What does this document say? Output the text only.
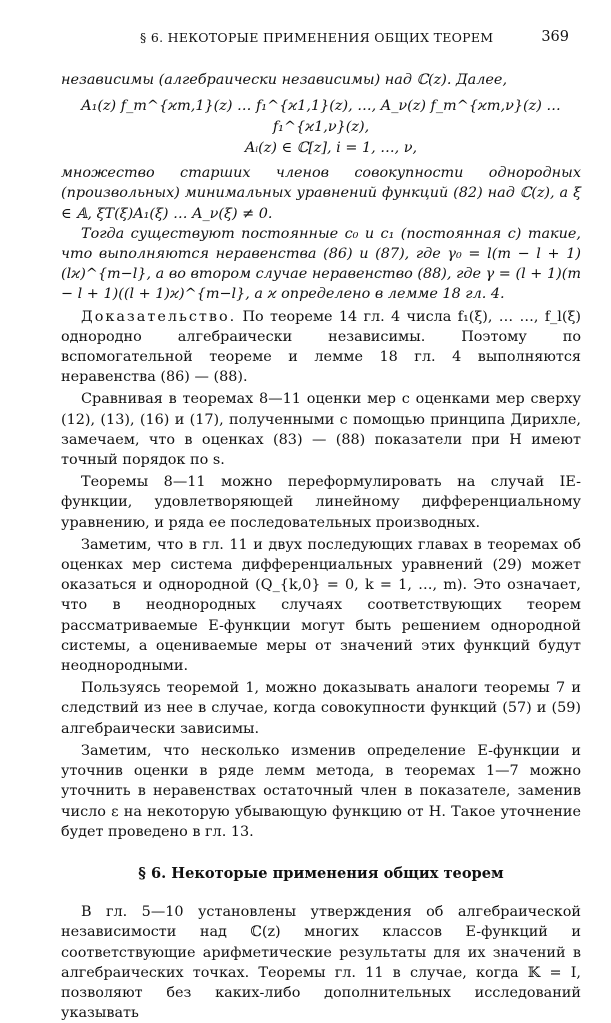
§ 6. НЕКОТОРЫЕ ПРИМЕНЕНИЯ ОБЩИХ ТЕОРЕМ	369

независимы (алгебраически независимы) над ℂ(z). Далее,

A₁(z) f_m^{ϰm,1}(z) … f₁^{ϰ1,1}(z), …, A_ν(z) f_m^{ϰm,ν}(z) … f₁^{ϰ1,ν}(z),
Aᵢ(z) ∈ ℂ[z], i = 1, …, ν,

множество старших членов совокупности однородных (произвольных) минимальных уравнений функций (82) над ℂ(z), a ξ ∈ 𝔸, ξT(ξ)A₁(ξ) … A_ν(ξ) ≠ 0.

Тогда существуют постоянные c₀ и c₁ (постоянная c) такие, что выполняются неравенства (86) и (87), где γ₀ = l(m − l + 1)(lϰ)^{m−l}, а во втором случае неравенство (88), где γ = (l + 1)(m − l + 1)((l + 1)ϰ)^{m−l}, а ϰ определено в лемме 18 гл. 4.

Доказательство. По теореме 14 гл. 4 числа f₁(ξ), … …, f_l(ξ) однородно алгебраически независимы. Поэтому по вспомогательной теореме и лемме 18 гл. 4 выполняются неравенства (86) — (88).

Сравнивая в теоремах 8—11 оценки мер с оценками мер сверху (12), (13), (16) и (17), полученными с помощью принципа Дирихле, замечаем, что в оценках (83) — (88) показатели при H имеют точный порядок по s.

Теоремы 8—11 можно переформулировать на случай IE-функции, удовлетворяющей линейному дифференциальному уравнению, и ряда ее последовательных производных.

Заметим, что в гл. 11 и двух последующих главах в теоремах об оценках мер система дифференциальных уравнений (29) может оказаться и однородной (Q_{k,0} = 0, k = 1, …, m). Это означает, что в неоднородных случаях соответствующих теорем рассматриваемые E-функции могут быть решением однородной системы, а оцениваемые меры от значений этих функций будут неоднородными.

Пользуясь теоремой 1, можно доказывать аналоги теоремы 7 и следствий из нее в случае, когда совокупности функций (57) и (59) алгебраически зависимы.

Заметим, что несколько изменив определение E-функции и уточнив оценки в ряде лемм метода, в теоремах 1—7 можно уточнить в неравенствах остаточный член в показателе, заменив число ε на некоторую убывающую функцию от H. Такое уточнение будет проведено в гл. 13.

§ 6. Некоторые применения общих теорем

В гл. 5—10 установлены утверждения об алгебраической независимости над ℂ(z) многих классов E-функций и соответствующие арифметические результаты для их значений в алгебраических точках. Теоремы гл. 11 в случае, когда 𝕂 = I, позволяют без каких-либо дополнительных исследований указывать
